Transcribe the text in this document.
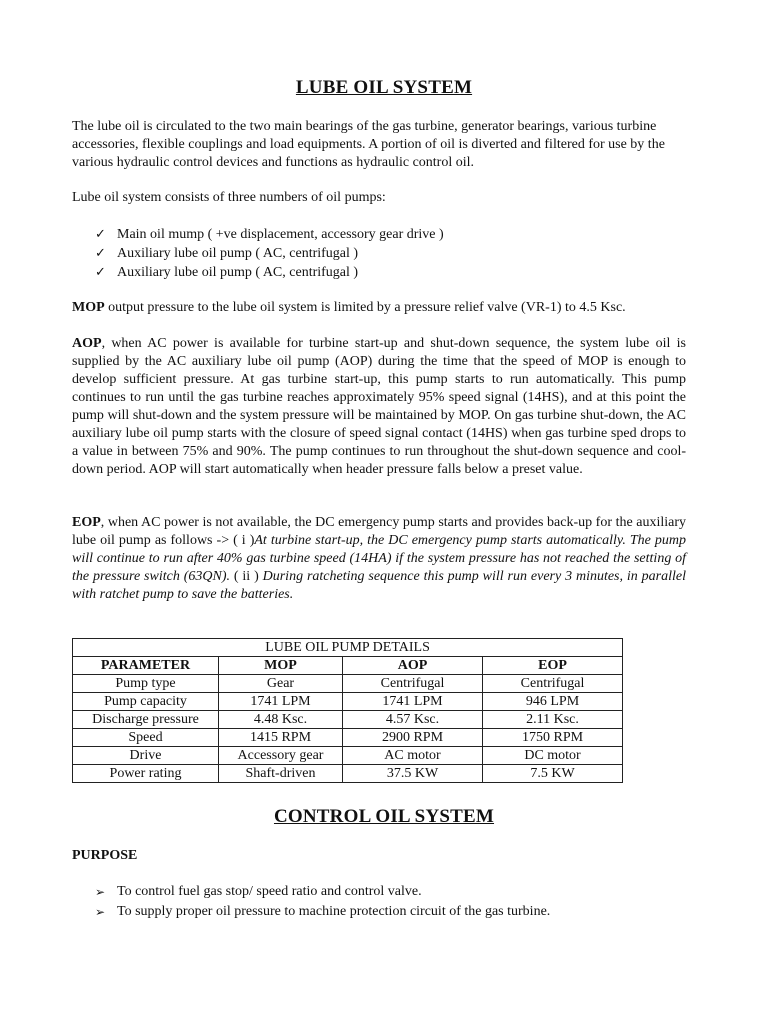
LUBE OIL SYSTEM
The lube oil is circulated to the two main bearings of the gas turbine, generator bearings, various turbine accessories, flexible couplings and load equipments. A portion of oil is diverted and filtered for use by the various hydraulic control devices and functions as hydraulic control oil.
Lube oil system consists of three numbers of oil pumps:
✓ Main oil mump ( +ve displacement, accessory gear drive )
✓ Auxiliary lube oil pump ( AC, centrifugal )
✓ Auxiliary lube oil pump ( AC, centrifugal )
MOP output pressure to the lube oil system is limited by a pressure relief valve (VR-1) to 4.5 Ksc.
AOP, when AC power is available for turbine start-up and shut-down sequence, the system lube oil is supplied by the AC auxiliary lube oil pump (AOP) during the time that the speed of MOP is enough to develop sufficient pressure. At gas turbine start-up, this pump starts to run automatically. This pump continues to run until the gas turbine reaches approximately 95% speed signal (14HS), and at this point the pump will shut-down and the system pressure will be maintained by MOP. On gas turbine shut-down, the AC auxiliary lube oil pump starts with the closure of speed signal contact (14HS) when gas turbine sped drops to a value in between 75% and 90%. The pump continues to run throughout the shut-down sequence and cool-down period. AOP will start automatically when header pressure falls below a preset value.
EOP, when AC power is not available, the DC emergency pump starts and provides back-up for the auxiliary lube oil pump as follows -> ( i )At turbine start-up, the DC emergency pump starts automatically. The pump will continue to run after 40% gas turbine speed (14HA) if the system pressure has not reached the setting of the pressure switch (63QN). ( ii ) During ratcheting sequence this pump will run every 3 minutes, in parallel with ratchet pump to save the batteries.
LUBE OIL PUMP DETAILS			
PARAMETER	MOP	AOP	EOP
Pump type	Gear	Centrifugal	Centrifugal
Pump capacity	1741 LPM	1741 LPM	946 LPM
Discharge pressure	4.48 Ksc.	4.57 Ksc.	2.11 Ksc.
Speed	1415 RPM	2900 RPM	1750 RPM
Drive	Accessory gear	AC motor	DC motor
Power rating	Shaft-driven	37.5 KW	7.5 KW
CONTROL OIL SYSTEM
PURPOSE
➢ To control fuel gas stop/ speed ratio and control valve.
➢ To supply proper oil pressure to machine protection circuit of the gas turbine.
